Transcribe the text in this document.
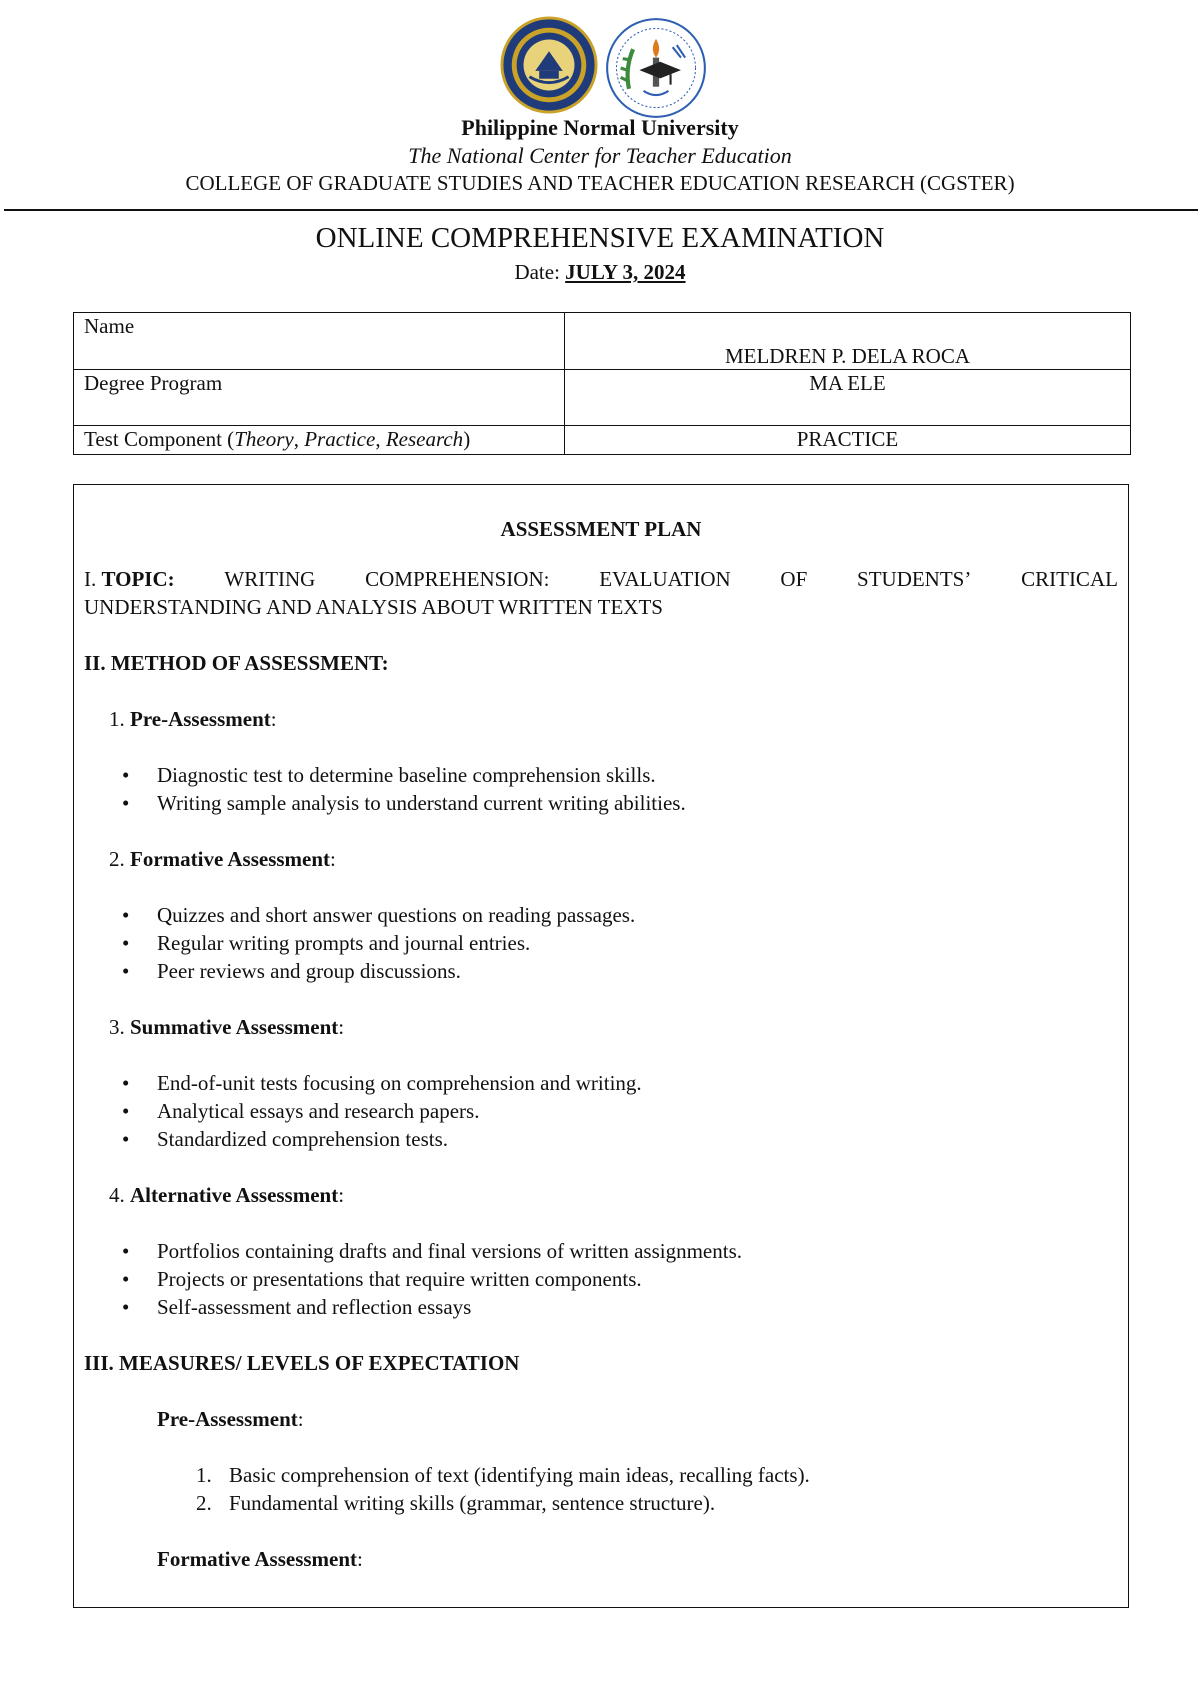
Philippine Normal University
The National Center for Teacher Education
COLLEGE OF GRADUATE STUDIES AND TEACHER EDUCATION RESEARCH (CGSTER)
ONLINE COMPREHENSIVE EXAMINATION
Date: JULY 3, 2024
Name	MELDREN P. DELA ROCA
Degree Program	MA ELE
Test Component (Theory, Practice, Research)	PRACTICE
ASSESSMENT PLAN
I. TOPIC: WRITING COMPREHENSION: EVALUATION OF STUDENTS’ CRITICAL
UNDERSTANDING AND ANALYSIS ABOUT WRITTEN TEXTS
II. METHOD OF ASSESSMENT:
1. Pre-Assessment:
• Diagnostic test to determine baseline comprehension skills.
• Writing sample analysis to understand current writing abilities.
2. Formative Assessment:
• Quizzes and short answer questions on reading passages.
• Regular writing prompts and journal entries.
• Peer reviews and group discussions.
3. Summative Assessment:
• End-of-unit tests focusing on comprehension and writing.
• Analytical essays and research papers.
• Standardized comprehension tests.
4. Alternative Assessment:
• Portfolios containing drafts and final versions of written assignments.
• Projects or presentations that require written components.
• Self-assessment and reflection essays
III. MEASURES/ LEVELS OF EXPECTATION
Pre-Assessment:
1. Basic comprehension of text (identifying main ideas, recalling facts).
2. Fundamental writing skills (grammar, sentence structure).
Formative Assessment:
